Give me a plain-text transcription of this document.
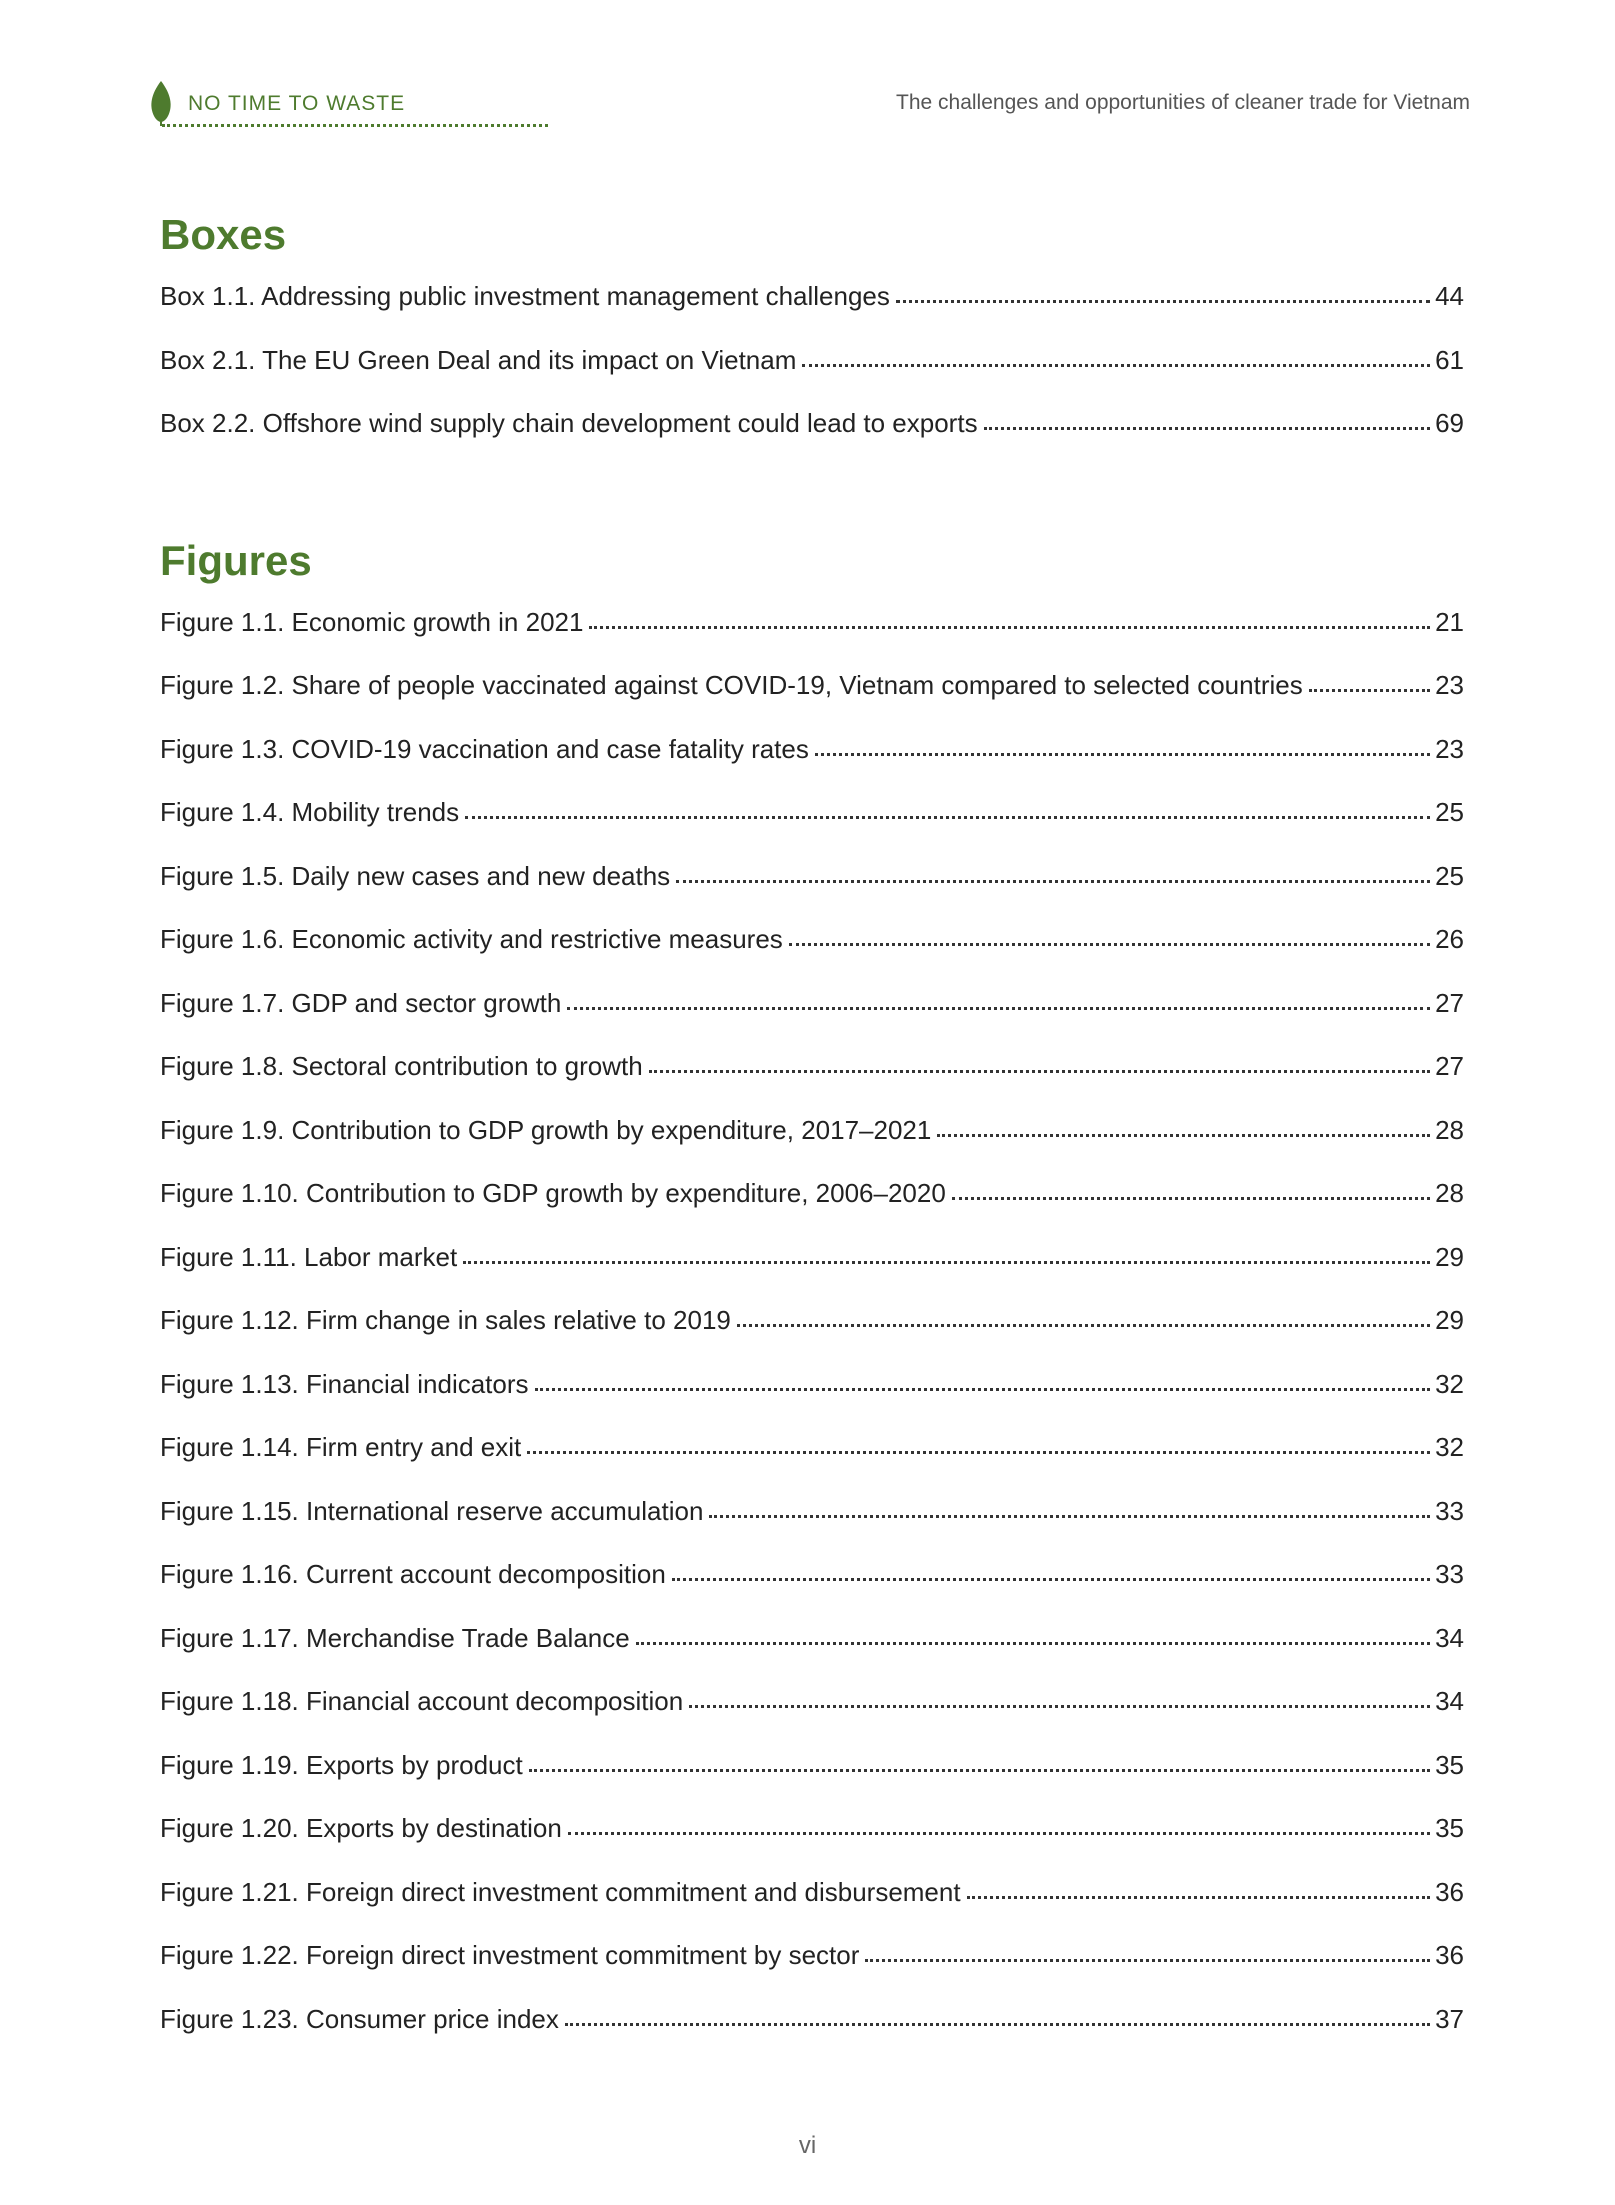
NO TIME TO WASTE	The challenges and opportunities of cleaner trade for Vietnam
Boxes
Box 1.1. Addressing public investment management challenges	44
Box 2.1. The EU Green Deal and its impact on Vietnam	61
Box 2.2. Offshore wind supply chain development could lead to exports	69
Figures
Figure 1.1. Economic growth in 2021	21
Figure 1.2. Share of people vaccinated against COVID-19, Vietnam compared to selected countries	23
Figure 1.3. COVID-19 vaccination and case fatality rates	23
Figure 1.4. Mobility trends	25
Figure 1.5. Daily new cases and new deaths	25
Figure 1.6. Economic activity and restrictive measures	26
Figure 1.7. GDP and sector growth	27
Figure 1.8. Sectoral contribution to growth	27
Figure 1.9. Contribution to GDP growth by expenditure, 2017–2021	28
Figure 1.10. Contribution to GDP growth by expenditure, 2006–2020	28
Figure 1.11. Labor market	29
Figure 1.12. Firm change in sales relative to 2019	29
Figure 1.13. Financial indicators	32
Figure 1.14. Firm entry and exit	32
Figure 1.15. International reserve accumulation	33
Figure 1.16. Current account decomposition	33
Figure 1.17. Merchandise Trade Balance	34
Figure 1.18. Financial account decomposition	34
Figure 1.19. Exports by product	35
Figure 1.20. Exports by destination	35
Figure 1.21. Foreign direct investment commitment and disbursement	36
Figure 1.22. Foreign direct investment commitment by sector	36
Figure 1.23. Consumer price index	37
vi
